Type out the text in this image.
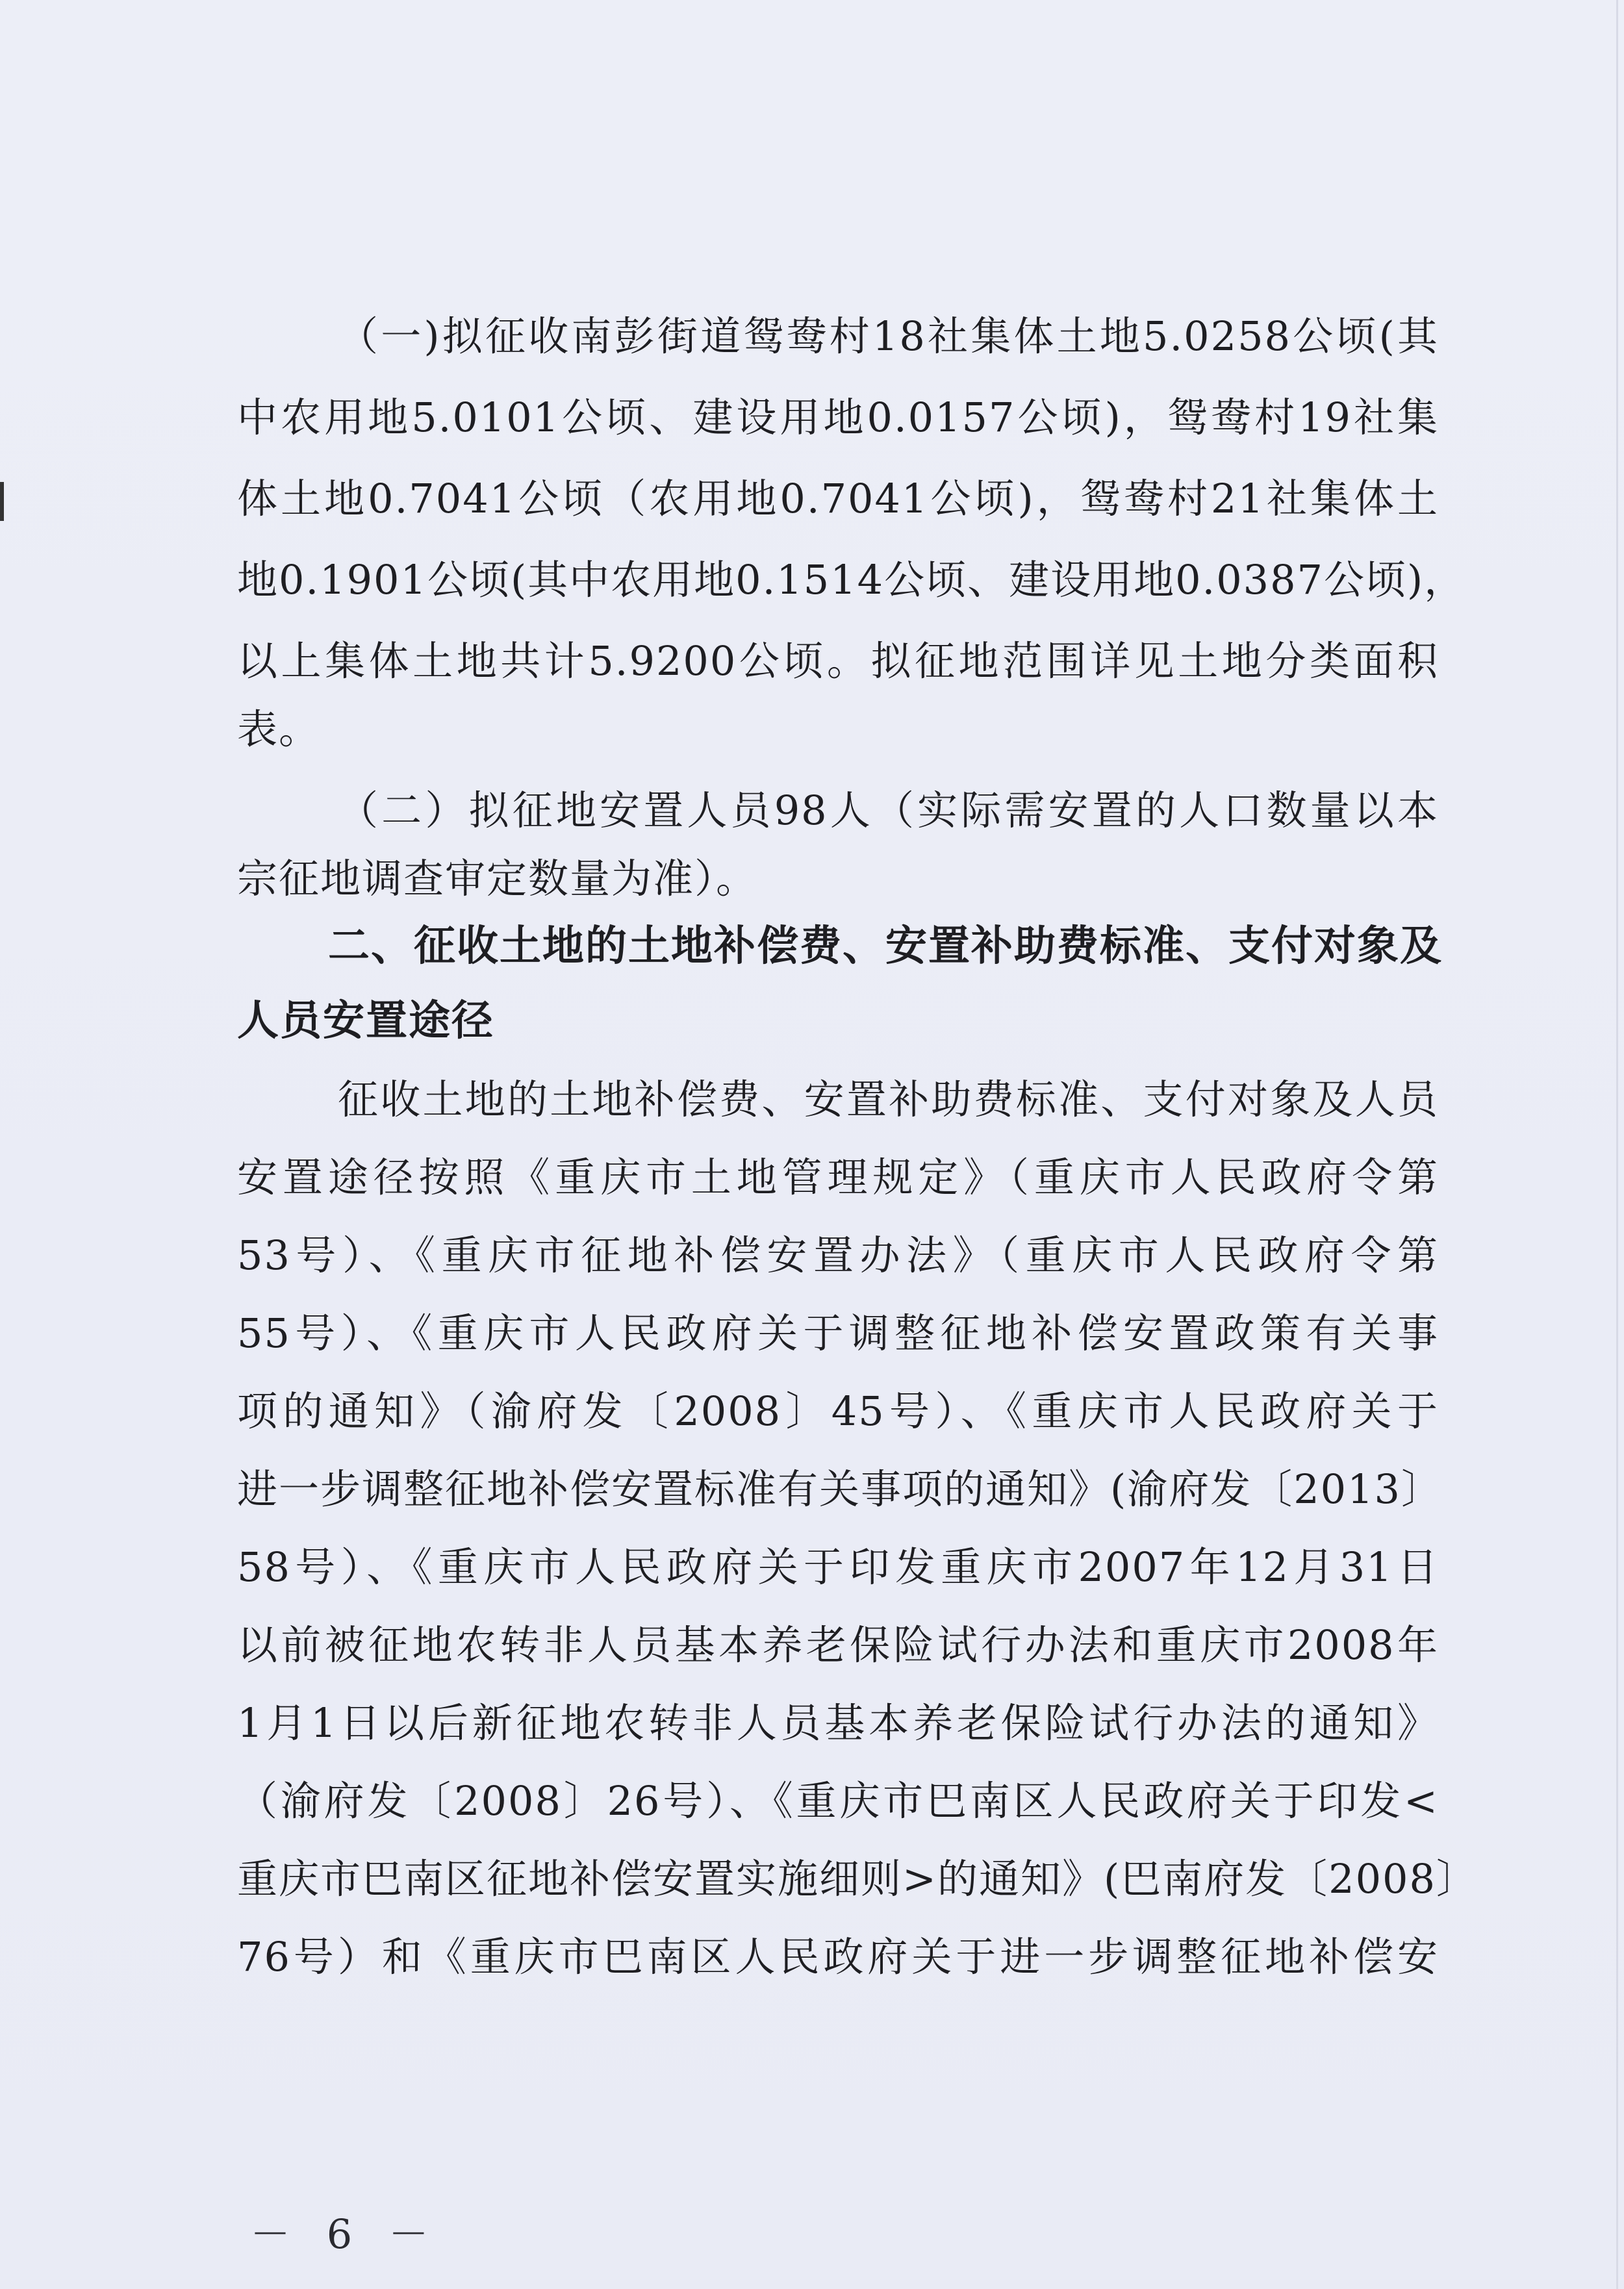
（一)拟征收南彭街道鸳鸯村18社集体土地5.0258公顷(其
中农用地5.0101公顷、建设用地0.0157公顷)，鸳鸯村19社集
体土地0.7041公顷（农用地0.7041公顷)，鸳鸯村21社集体土
地0.1901公顷(其中农用地0.1514公顷、建设用地0.0387公顷)，
以上集体土地共计5.9200公顷。拟征地范围详见土地分类面积
表。
（二）拟征地安置人员98人（实际需安置的人口数量以本
宗征地调查审定数量为准）。
二、征收土地的土地补偿费、安置补助费标准、支付对象及
人员安置途径
征收土地的土地补偿费、安置补助费标准、支付对象及人员
安置途径按照《重庆市土地管理规定》（重庆市人民政府令第
53号）、《重庆市征地补偿安置办法》（重庆市人民政府令第
55号）、《重庆市人民政府关于调整征地补偿安置政策有关事
项的通知》（渝府发〔2008〕45号）、《重庆市人民政府关于
进一步调整征地补偿安置标准有关事项的通知》(渝府发〔2013〕
58号）、《重庆市人民政府关于印发重庆市2007年12月31日
以前被征地农转非人员基本养老保险试行办法和重庆市2008年
1月1日以后新征地农转非人员基本养老保险试行办法的通知》
（渝府发〔2008〕26号）、《重庆市巴南区人民政府关于印发<
重庆市巴南区征地补偿安置实施细则>的通知》(巴南府发〔2008〕
76号）和《重庆市巴南区人民政府关于进一步调整征地补偿安
－ 6 －
